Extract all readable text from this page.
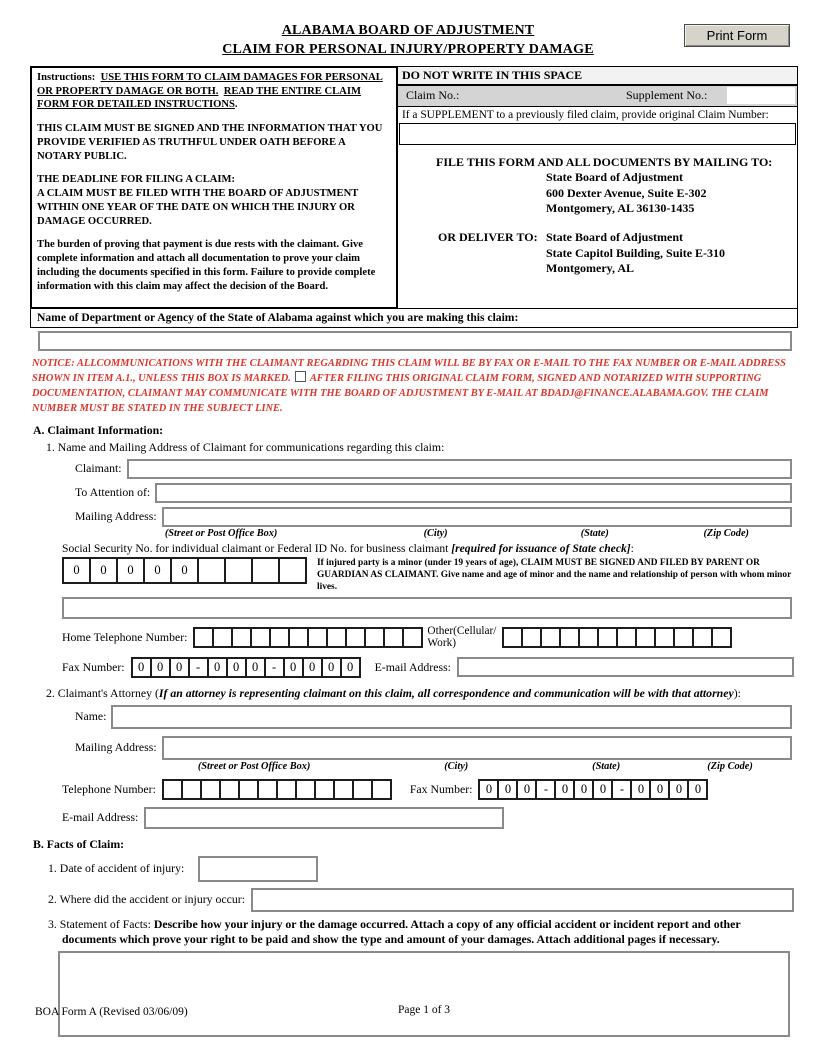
ALABAMA BOARD OF ADJUSTMENT
CLAIM FOR PERSONAL INJURY/PROPERTY DAMAGE
Print Form

Instructions: USE THIS FORM TO CLAIM DAMAGES FOR PERSONAL OR PROPERTY DAMAGE OR BOTH. READ THE ENTIRE CLAIM FORM FOR DETAILED INSTRUCTIONS.

THIS CLAIM MUST BE SIGNED AND THE INFORMATION THAT YOU PROVIDE VERIFIED AS TRUTHFUL UNDER OATH BEFORE A NOTARY PUBLIC.

THE DEADLINE FOR FILING A CLAIM:
A CLAIM MUST BE FILED WITH THE BOARD OF ADJUSTMENT WITHIN ONE YEAR OF THE DATE ON WHICH THE INJURY OR DAMAGE OCCURRED.

The burden of proving that payment is due rests with the claimant. Give complete information and attach all documentation to prove your claim including the documents specified in this form. Failure to provide complete information with this claim may affect the decision of the Board.

DO NOT WRITE IN THIS SPACE
Claim No.:	Supplement No.:
If a SUPPLEMENT to a previously filed claim, provide original Claim Number:
FILE THIS FORM AND ALL DOCUMENTS BY MAILING TO:
State Board of Adjustment
600 Dexter Avenue, Suite E-302
Montgomery, AL 36130-1435
OR DELIVER TO: State Board of Adjustment
State Capitol Building, Suite E-310
Montgomery, AL
Name of Department or Agency of the State of Alabama against which you are making this claim:
NOTICE: ALLCOMMUNICATIONS WITH THE CLAIMANT REGARDING THIS CLAIM WILL BE BY FAX OR E-MAIL TO THE FAX NUMBER OR E-MAIL ADDRESS SHOWN IN ITEM A.1., UNLESS THIS BOX IS MARKED. AFTER FILING THIS ORIGINAL CLAIM FORM, SIGNED AND NOTARIZED WITH SUPPORTING DOCUMENTATION, CLAIMANT MAY COMMUNICATE WITH THE BOARD OF ADJUSTMENT BY E-MAIL AT BDADJ@FINANCE.ALABAMA.GOV. THE CLAIM NUMBER MUST BE STATED IN THE SUBJECT LINE.
A. Claimant Information:
1. Name and Mailing Address of Claimant for communications regarding this claim:
Claimant:
To Attention of:
Mailing Address:
(Street or Post Office Box)	(City)	(State)	(Zip Code)
Social Security No. for individual claimant or Federal ID No. for business claimant [required for issuance of State check]:
0	0	0	0	0	If injured party is a minor (under 19 years of age), CLAIM MUST BE SIGNED AND FILED BY PARENT OR GUARDIAN AS CLAIMANT. Give name and age of minor and the name and relationship of person with whom minor lives.
Home Telephone Number:	Other(Cellular/
Work)
Fax Number:	0	0	0	-	0	0	0	-	0	0	0	0	E-mail Address:
2. Claimant's Attorney (If an attorney is representing claimant on this claim, all correspondence and communication will be with that attorney):
Name:
Mailing Address:
(Street or Post Office Box)	(City)	(State)	(Zip Code)
Telephone Number:	Fax Number:	0	0	0	-	0	0	0	-	0	0	0	0
E-mail Address:
B. Facts of Claim:
1. Date of accident of injury:
2. Where did the accident or injury occur:
3. Statement of Facts: Describe how your injury or the damage occurred. Attach a copy of any official accident or incident report and other documents which prove your right to be paid and show the type and amount of your damages. Attach additional pages if necessary.
BOA Form A (Revised 03/06/09)	Page 1 of 3
